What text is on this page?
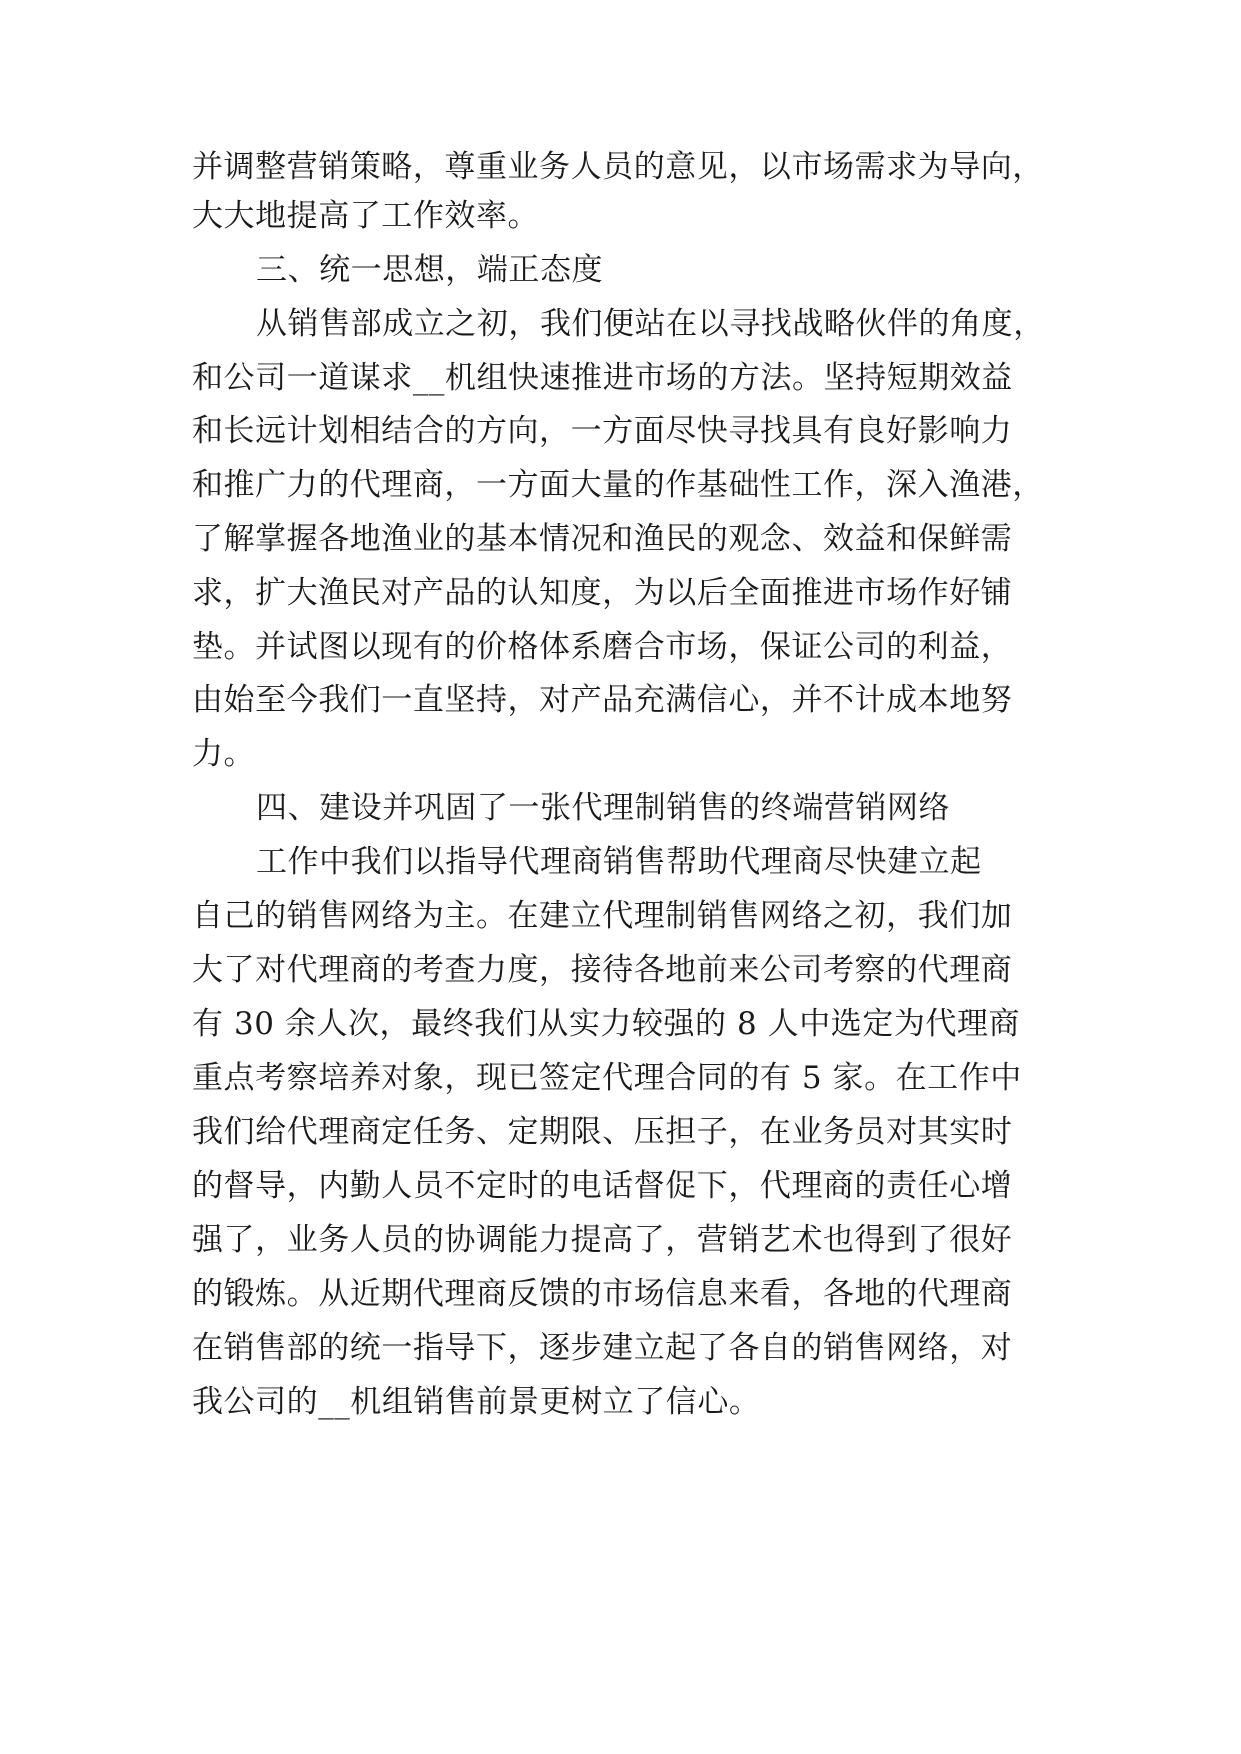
并调整营销策略，尊重业务人员的意见，以市场需求为导向，
大大地提高了工作效率。
三、统一思想，端正态度
从销售部成立之初，我们便站在以寻找战略伙伴的角度，
和公司一道谋求__机组快速推进市场的方法。坚持短期效益
和长远计划相结合的方向，一方面尽快寻找具有良好影响力
和推广力的代理商，一方面大量的作基础性工作，深入渔港，
了解掌握各地渔业的基本情况和渔民的观念、效益和保鲜需
求，扩大渔民对产品的认知度，为以后全面推进市场作好铺
垫。并试图以现有的价格体系磨合市场，保证公司的利益，
由始至今我们一直坚持，对产品充满信心，并不计成本地努
力。
四、建设并巩固了一张代理制销售的终端营销网络
工作中我们以指导代理商销售帮助代理商尽快建立起
自己的销售网络为主。在建立代理制销售网络之初，我们加
大了对代理商的考查力度，接待各地前来公司考察的代理商
有 30 余人次，最终我们从实力较强的 8 人中选定为代理商
重点考察培养对象，现已签定代理合同的有 5 家。在工作中
我们给代理商定任务、定期限、压担子，在业务员对其实时
的督导，内勤人员不定时的电话督促下，代理商的责任心增
强了，业务人员的协调能力提高了，营销艺术也得到了很好
的锻炼。从近期代理商反馈的市场信息来看，各地的代理商
在销售部的统一指导下，逐步建立起了各自的销售网络，对
我公司的__机组销售前景更树立了信心。
